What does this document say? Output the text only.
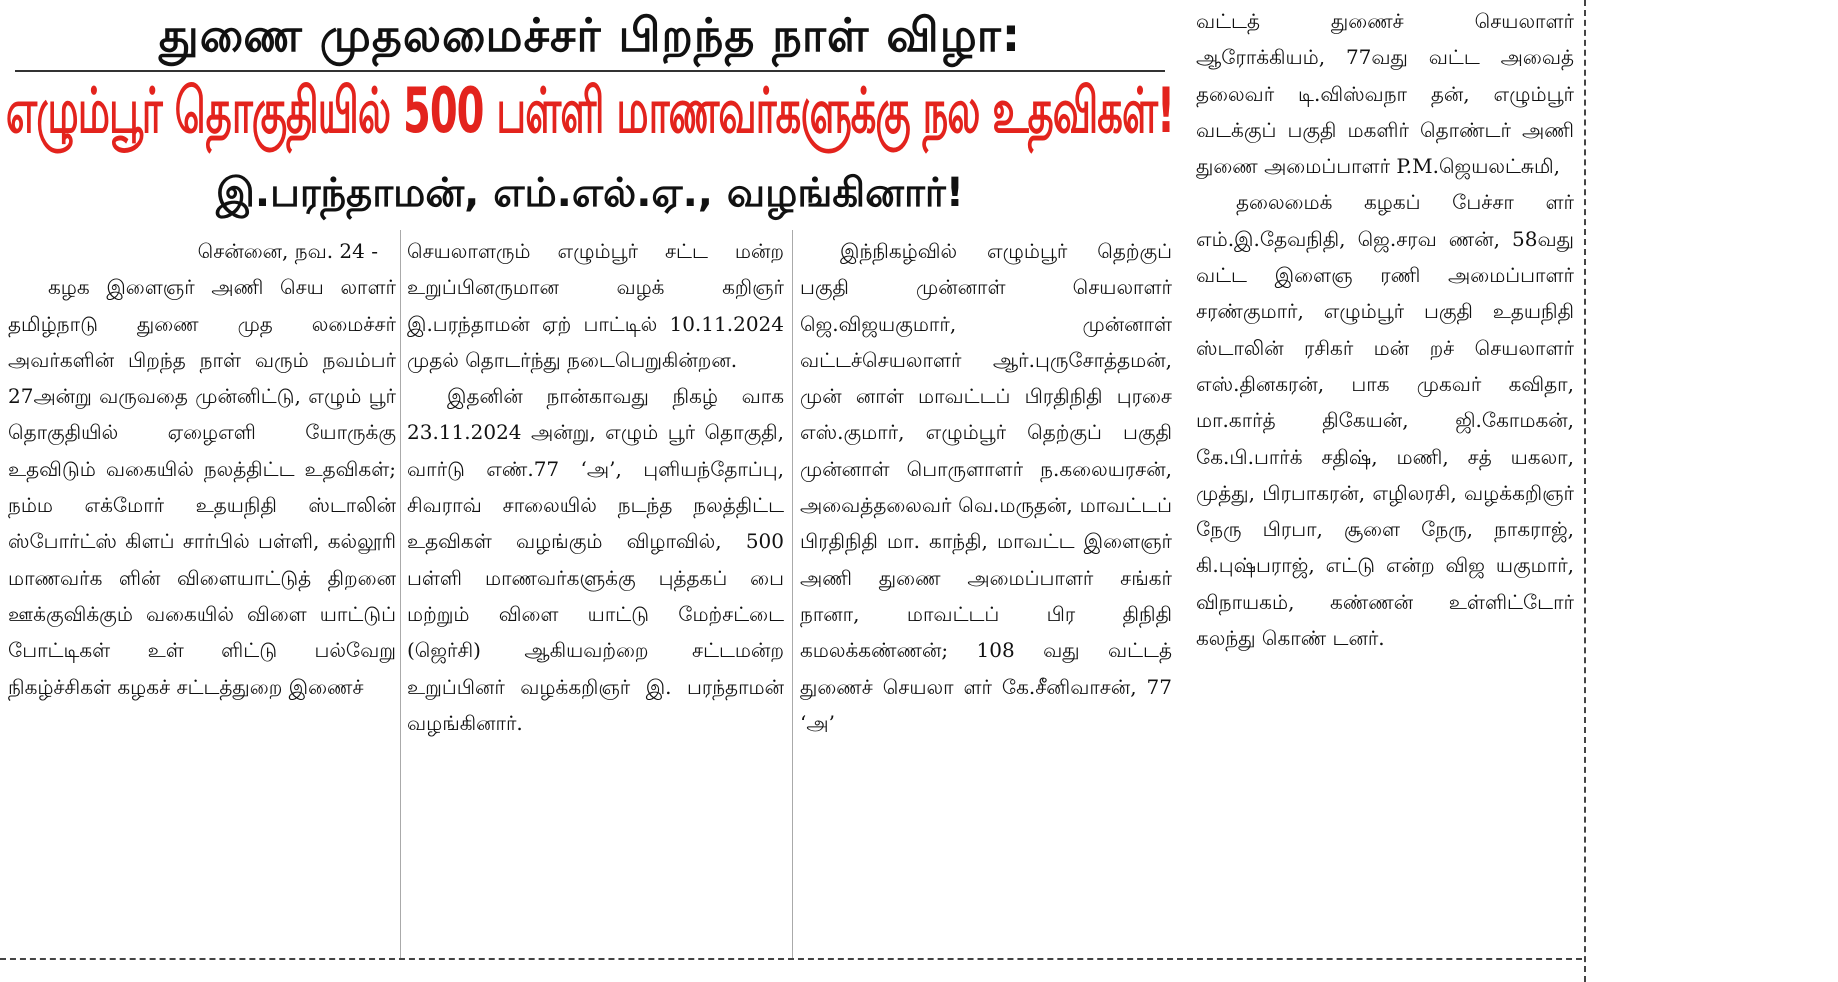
துணை முதலமைச்சர் பிறந்த நாள் விழா:
எழும்பூர் தொகுதியில் 500 பள்ளி மாணவர்களுக்கு நல உதவிகள்!
இ.பரந்தாமன், எம்.எல்.ஏ., வழங்கினார்!

சென்னை, நவ. 24 -

கழக இளைஞர் அணி செய லாளர் தமிழ்நாடு துணை முத லமைச்சர் அவர்களின் பிறந்த நாள் வரும் நவம்பர் 27அன்று வருவதை முன்னிட்டு, எழும் பூர் தொகுதியில் ஏழைஎளி யோருக்கு உதவிடும் வகையில் நலத்திட்ட உதவிகள்; நம்ம எக்மோர் உதயநிதி ஸ்டாலின் ஸ்போர்ட்ஸ் கிளப் சார்பில் பள்ளி, கல்லூரி மாணவர்க ளின் விளையாட்டுத் திறனை ஊக்குவிக்கும் வகையில் விளை யாட்டுப் போட்டிகள் உள் ளிட்டு பல்வேறு நிகழ்ச்சிகள் கழகச் சட்டத்துறை இணைச்

செயலாளரும் எழும்பூர் சட்ட மன்ற உறுப்பினருமான வழக் கறிஞர் இ.பரந்தாமன் ஏற் பாட்டில் 10.11.2024 முதல் தொடர்ந்து நடைபெறுகின்றன.

இதனின் நான்காவது நிகழ் வாக 23.11.2024 அன்று, எழும் பூர் தொகுதி, வார்டு எண்.77 ‘அ’, புளியந்தோப்பு, சிவராவ் சாலையில் நடந்த நலத்திட்ட உதவிகள் வழங்கும் விழாவில், 500 பள்ளி மாணவர்களுக்கு புத்தகப் பை மற்றும் விளை யாட்டு மேற்சட்டை (ஜெர்சி) ஆகியவற்றை சட்டமன்ற உறுப்பினர் வழக்கறிஞர் இ. பரந்தாமன் வழங்கினார்.

இந்நிகழ்வில் எழும்பூர் தெற்குப் பகுதி முன்னாள் செயலாளர் ஜெ.விஜயகுமார், முன்னாள் வட்டச்செயலாளர் ஆர்.புருசோத்தமன், முன் னாள் மாவட்டப் பிரதிநிதி புரசை எஸ்.குமார், எழும்பூர் தெற்குப் பகுதி முன்னாள் பொருளாளர் ந.கலையரசன், அவைத்தலைவர் வெ.மருதன், மாவட்டப் பிரதிநிதி மா. காந்தி, மாவட்ட இளைஞர் அணி துணை அமைப்பாளர் சங்கர் நானா, மாவட்டப் பிர திநிதி கமலக்கண்ணன்; 108 வது வட்டத் துணைச் செயலா ளர் கே.சீனிவாசன், 77 ‘அ’

வட்டத் துணைச் செயலாளர் ஆரோக்கியம், 77வது வட்ட அவைத் தலைவர் டி.விஸ்வநா தன், எழும்பூர் வடக்குப் பகுதி மகளிர் தொண்டர் அணி துணை அமைப்பாளர் P.M.ஜெயலட்சுமி,

தலைமைக் கழகப் பேச்சா ளர் எம்.இ.தேவநிதி, ஜெ.சரவ ணன், 58வது வட்ட இளைஞ ரணி அமைப்பாளர் சரண்குமார், எழும்பூர் பகுதி உதயநிதி ஸ்டாலின் ரசிகர் மன் றச் செயலாளர் எஸ்.தினகரன், பாக முகவர் கவிதா, மா.கார்த் திகேயன், ஜி.கோமகன், கே.பி.பார்க் சதிஷ், மணி, சத் யகலா, முத்து, பிரபாகரன், எழிலரசி, வழக்கறிஞர் நேரு பிரபா, சூளை நேரு, நாகராஜ், கி.புஷ்பராஜ், எட்டு என்ற விஜ யகுமார், விநாயகம், கண்ணன் உள்ளிட்டோர் கலந்து கொண் டனர்.
